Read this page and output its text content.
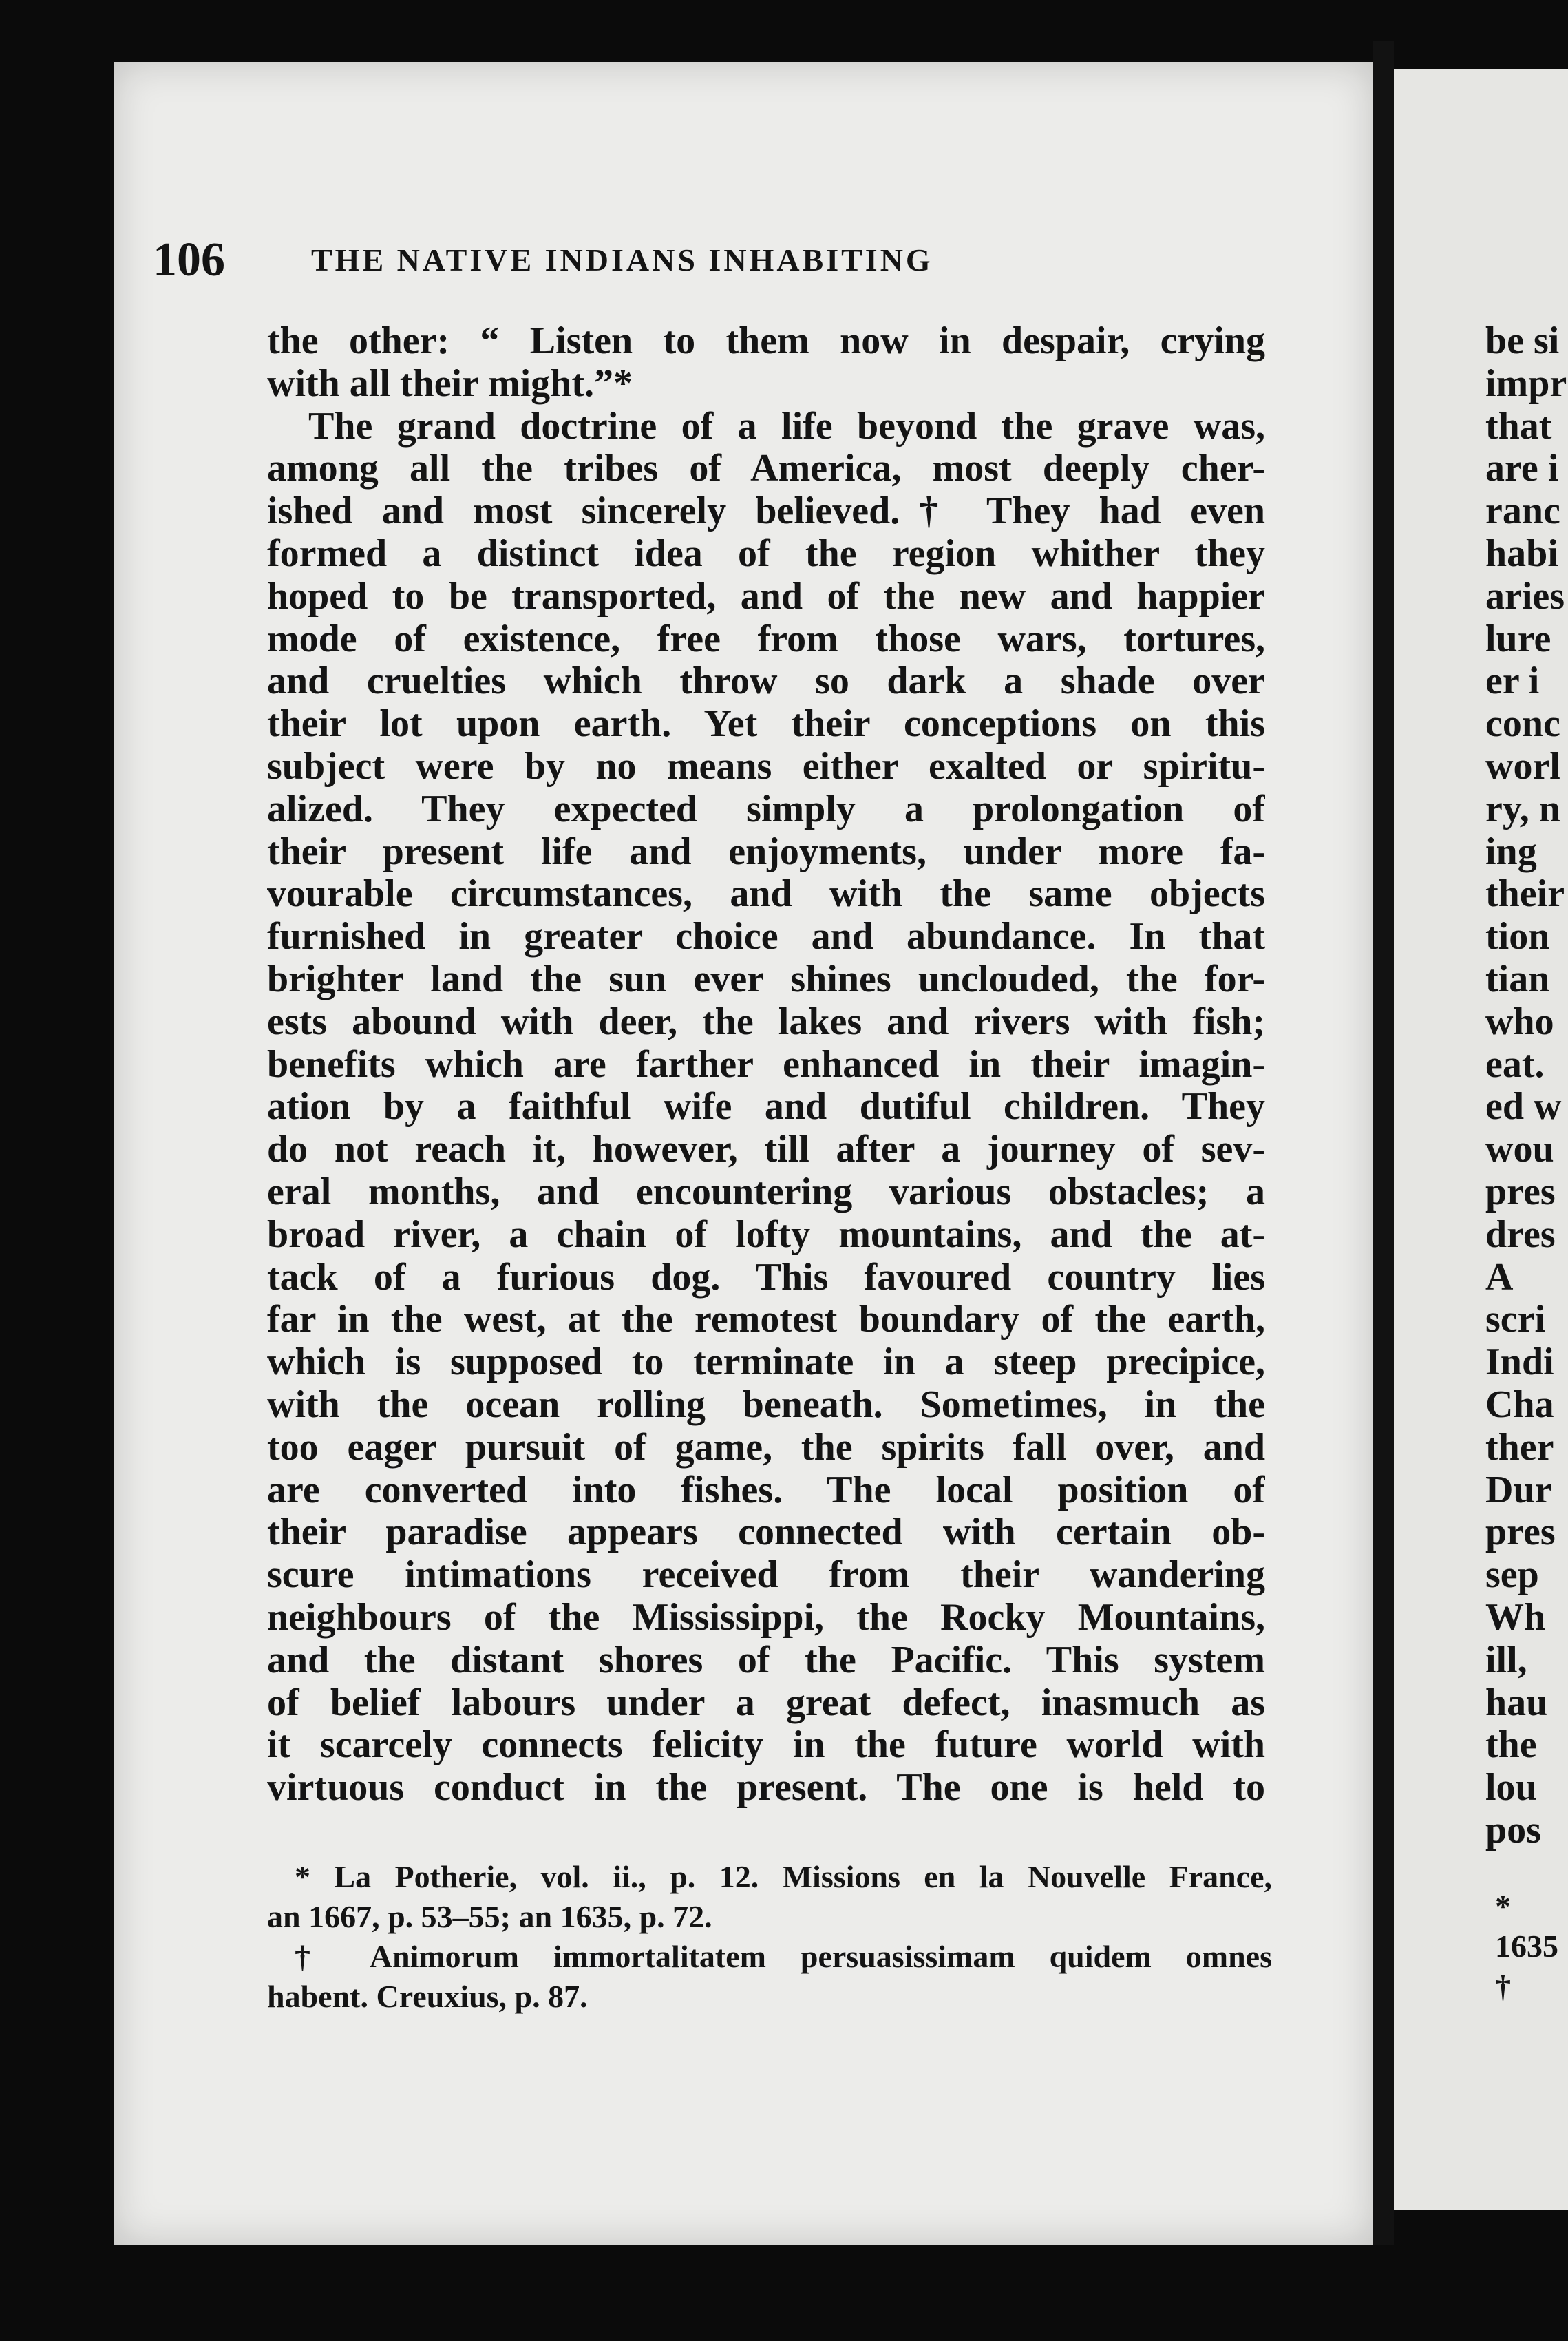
106	THE NATIVE INDIANS INHABITING
the other: “ Listen to them now in despair, crying
with all their might.”*
The grand doctrine of a life beyond the grave was,
among all the tribes of America, most deeply cher-
ished and most sincerely believed.† They had even
formed a distinct idea of the region whither they
hoped to be transported, and of the new and happier
mode of existence, free from those wars, tortures,
and cruelties which throw so dark a shade over
their lot upon earth. Yet their conceptions on this
subject were by no means either exalted or spiritu-
alized. They expected simply a prolongation of
their present life and enjoyments, under more fa-
vourable circumstances, and with the same objects
furnished in greater choice and abundance. In that
brighter land the sun ever shines unclouded, the for-
ests abound with deer, the lakes and rivers with fish;
benefits which are farther enhanced in their imagin-
ation by a faithful wife and dutiful children. They
do not reach it, however, till after a journey of sev-
eral months, and encountering various obstacles; a
broad river, a chain of lofty mountains, and the at-
tack of a furious dog. This favoured country lies
far in the west, at the remotest boundary of the earth,
which is supposed to terminate in a steep precipice,
with the ocean rolling beneath. Sometimes, in the
too eager pursuit of game, the spirits fall over, and
are converted into fishes. The local position of
their paradise appears connected with certain ob-
scure intimations received from their wandering
neighbours of the Mississippi, the Rocky Mountains,
and the distant shores of the Pacific. This system
of belief labours under a great defect, inasmuch as
it scarcely connects felicity in the future world with
virtuous conduct in the present. The one is held to
* La Potherie, vol. ii., p. 12. Missions en la Nouvelle France,
an 1667, p. 53–55; an 1635, p. 72.
† Animorum immortalitatem persuasissimam quidem omnes
habent. Creuxius, p. 87.
be si
impr
that
are i
ranc
habi
aries
lure
er i
conc
worl
ry, n
ing
their
tion
tian
who
eat.
ed w
wou
pres
dres
A
scri
Indi
Cha
ther
Dur
pres
sep
Wh
ill,
hau
the
lou
pos
*
1635
†
